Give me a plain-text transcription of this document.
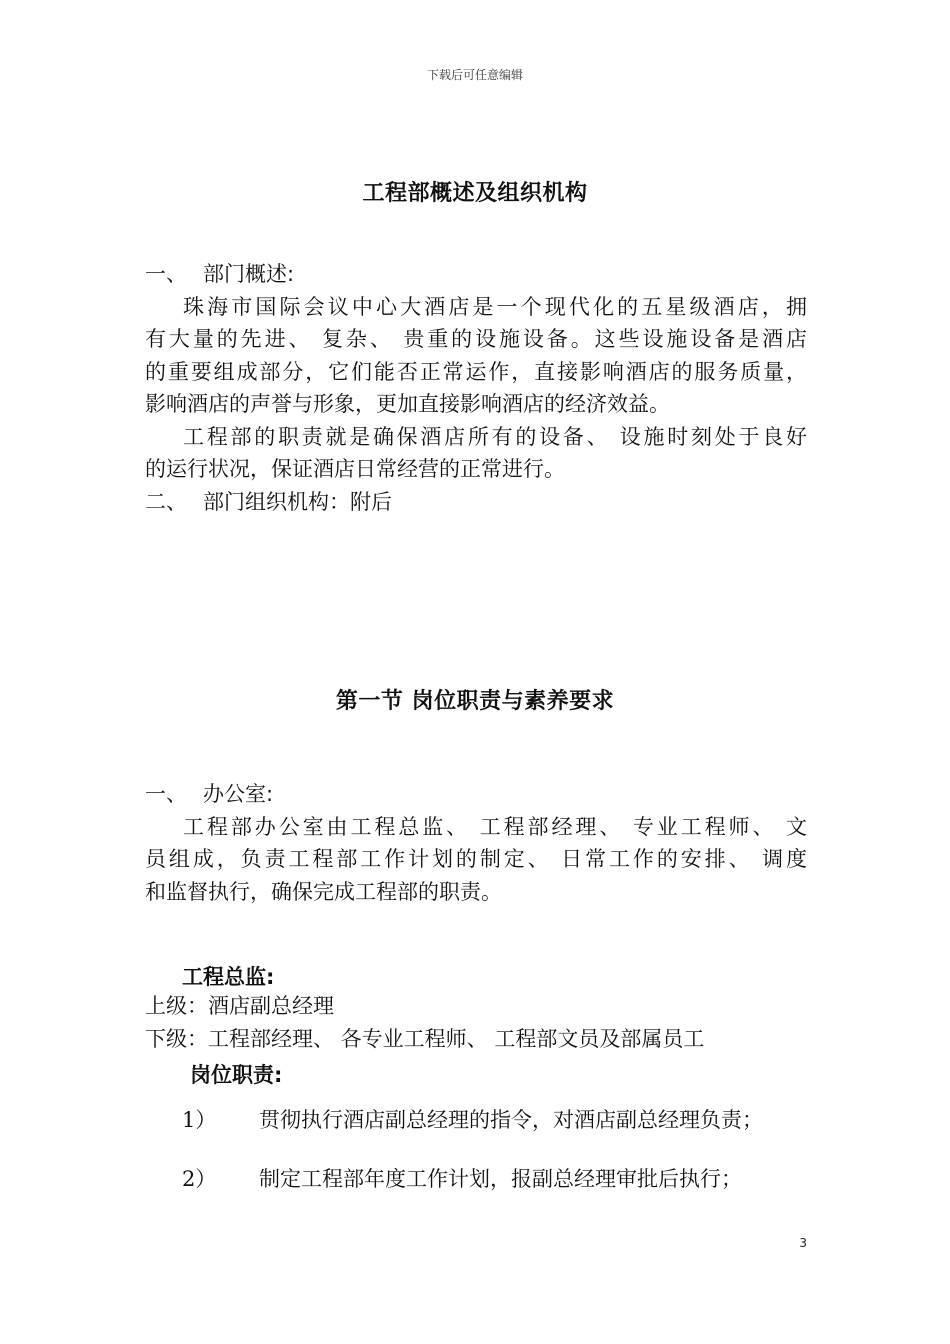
下载后可任意编辑
工程部概述及组织机构
一、 部门概述:
珠海市国际会议中心大酒店是一个现代化的五星级酒店，拥
有大量的先进、 复杂、 贵重的设施设备。这些设施设备是酒店
的重要组成部分，它们能否正常运作，直接影响酒店的服务质量，
影响酒店的声誉与形象，更加直接影响酒店的经济效益。
工程部的职责就是确保酒店所有的设备、 设施时刻处于良好
的运行状况，保证酒店日常经营的正常进行。
二、 部门组织机构：附后
第一节 岗位职责与素养要求
一、 办公室:
工程部办公室由工程总监、 工程部经理、 专业工程师、 文
员组成，负责工程部工作计划的制定、 日常工作的安排、 调度
和监督执行，确保完成工程部的职责。
工程总监:
上级：酒店副总经理
下级：工程部经理、 各专业工程师、 工程部文员及部属员工
岗位职责:
1） 贯彻执行酒店副总经理的指令，对酒店副总经理负责；
2） 制定工程部年度工作计划，报副总经理审批后执行；
3
